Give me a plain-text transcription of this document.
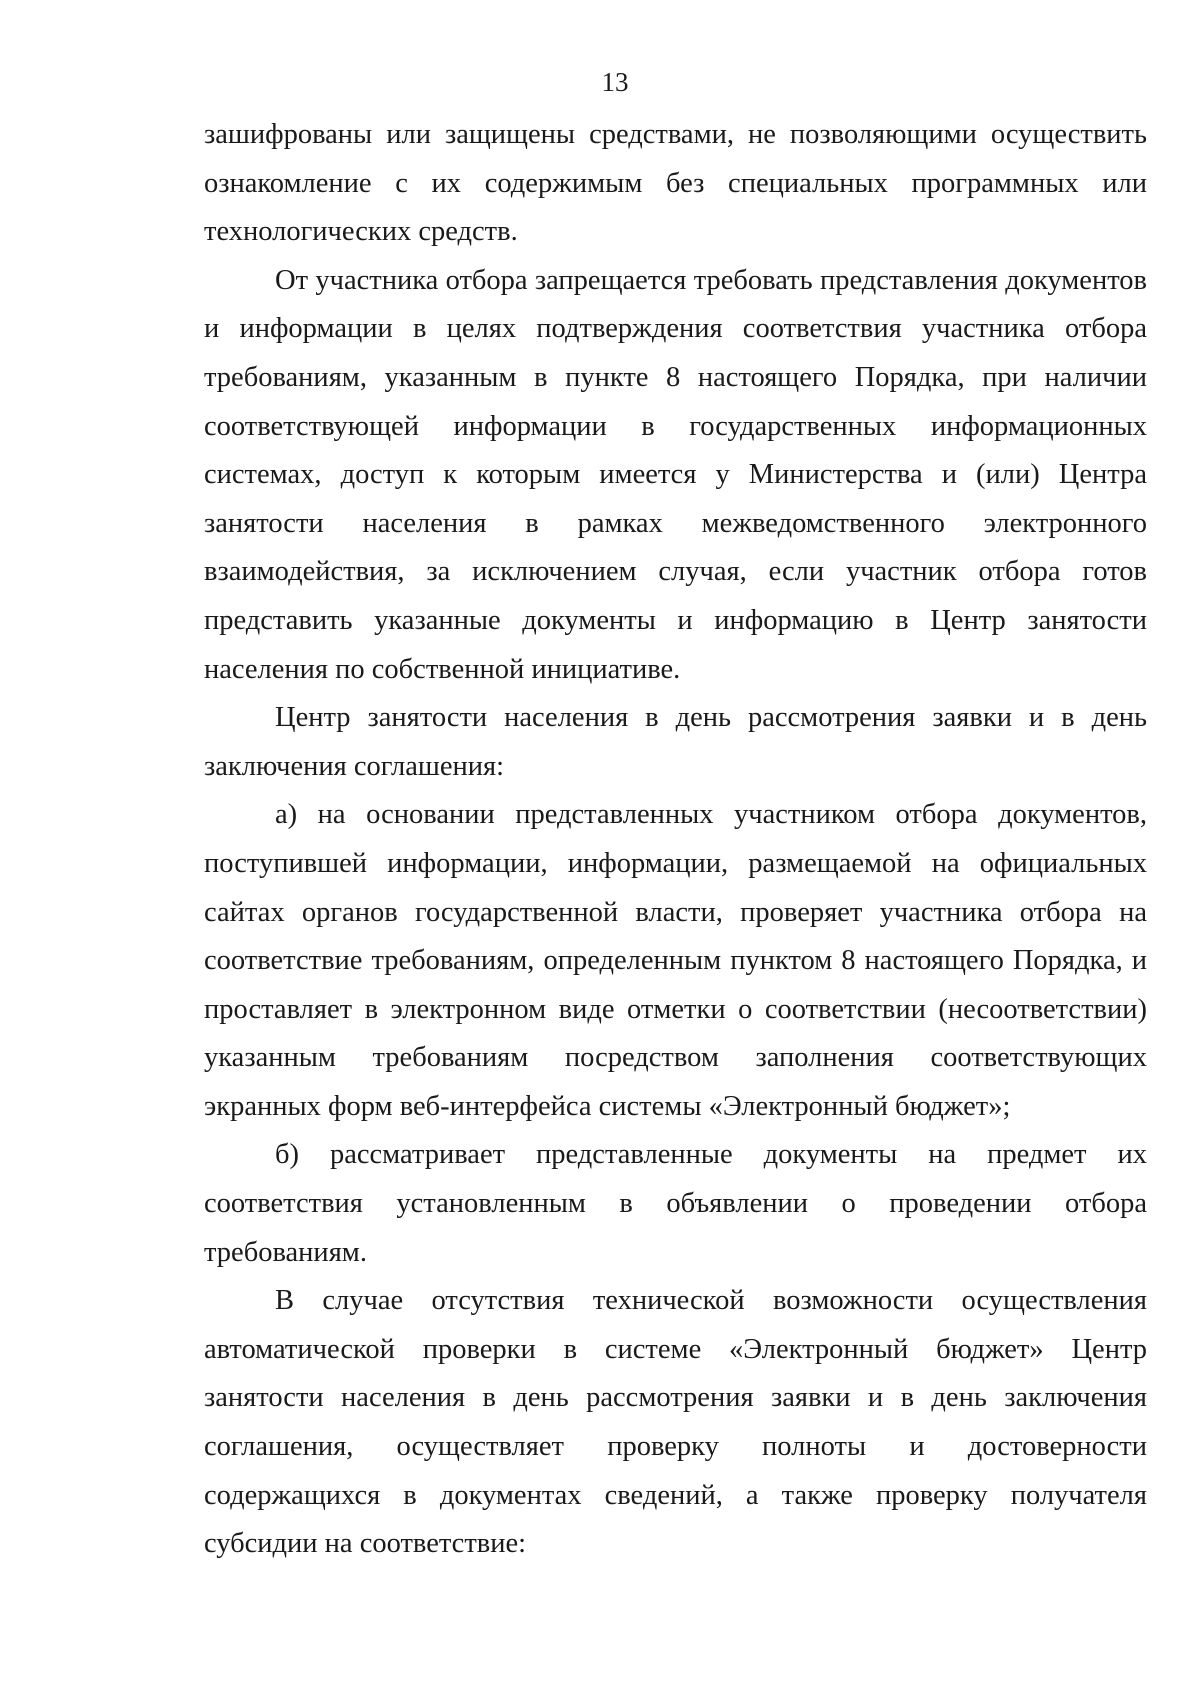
13

зашифрованы или защищены средствами, не позволяющими осуществить ознакомление с их содержимым без специальных программных или технологических средств.

От участника отбора запрещается требовать представления документов и информации в целях подтверждения соответствия участника отбора требованиям, указанным в пункте 8 настоящего Порядка, при наличии соответствующей информации в государственных информационных системах, доступ к которым имеется у Министерства и (или) Центра занятости населения в рамках межведомственного электронного взаимодействия, за исключением случая, если участник отбора готов представить указанные документы и информацию в Центр занятости населения по собственной инициативе.

Центр занятости населения в день рассмотрения заявки и в день заключения соглашения:

а) на основании представленных участником отбора документов, поступившей информации, информации, размещаемой на официальных сайтах органов государственной власти, проверяет участника отбора на соответствие требованиям, определенным пунктом 8 настоящего Порядка, и проставляет в электронном виде отметки о соответствии (несоответствии) указанным требованиям посредством заполнения соответствующих экранных форм веб-интерфейса системы «Электронный бюджет»;

б) рассматривает представленные документы на предмет их соответствия установленным в объявлении о проведении отбора требованиям.

В случае отсутствия технической возможности осуществления автоматической проверки в системе «Электронный бюджет» Центр занятости населения в день рассмотрения заявки и в день заключения соглашения, осуществляет проверку полноты и достоверности содержащихся в документах сведений, а также проверку получателя субсидии на соответствие:
